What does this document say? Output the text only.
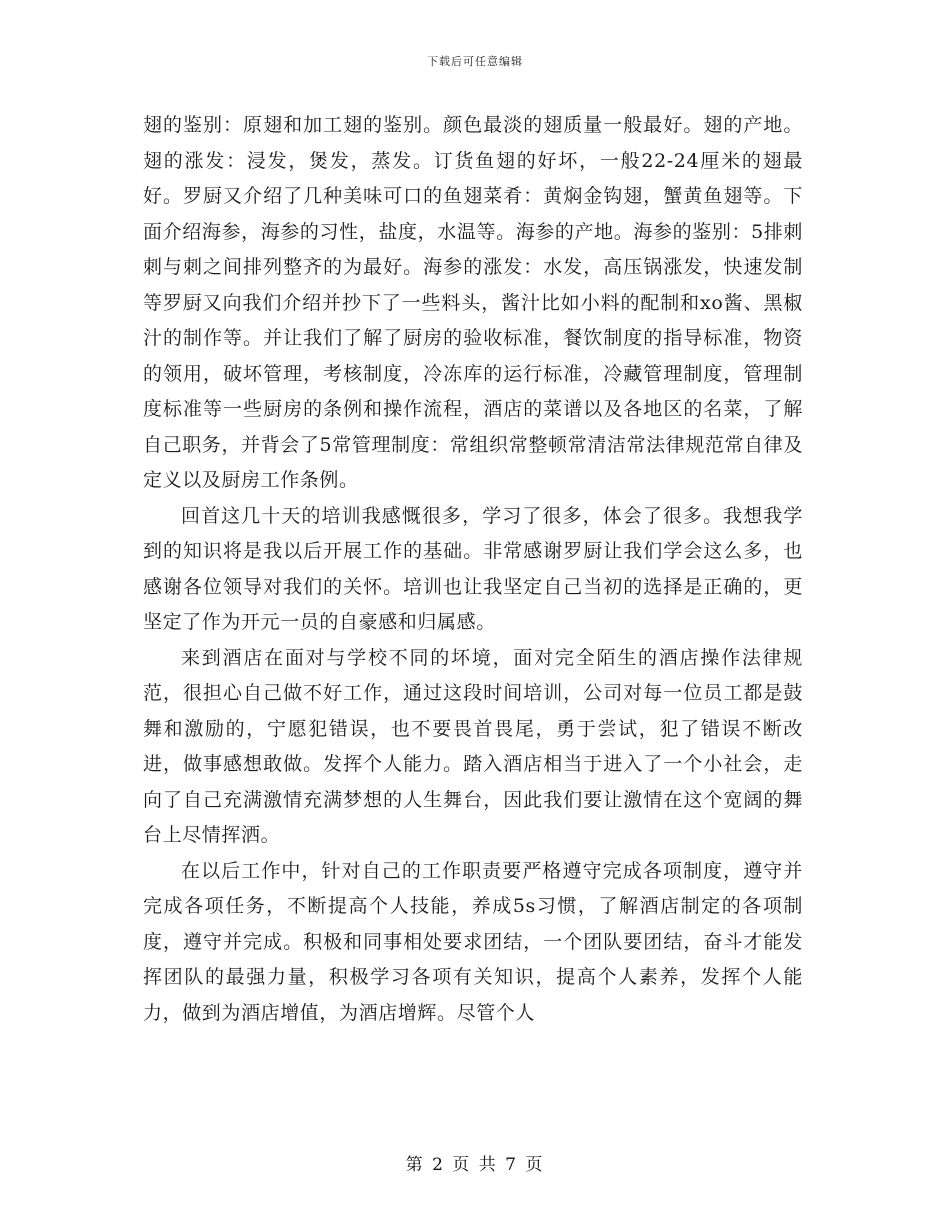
下载后可任意编辑

翅的鉴别：原翅和加工翅的鉴别。颜色最淡的翅质量一般最好。翅的产地。翅的涨发：浸发，煲发，蒸发。订货鱼翅的好坏，一般22-24厘米的翅最好。罗厨又介绍了几种美味可口的鱼翅菜肴：黄焖金钩翅，蟹黄鱼翅等。下面介绍海参，海参的习性，盐度，水温等。海参的产地。海参的鉴别：5排刺刺与刺之间排列整齐的为最好。海参的涨发：水发，高压锅涨发，快速发制等罗厨又向我们介绍并抄下了一些料头，酱汁比如小料的配制和xo酱、黑椒汁的制作等。并让我们了解了厨房的验收标准，餐饮制度的指导标准，物资的领用，破坏管理，考核制度，冷冻库的运行标准，冷藏管理制度，管理制度标准等一些厨房的条例和操作流程，酒店的菜谱以及各地区的名菜，了解自己职务，并背会了5常管理制度：常组织常整顿常清洁常法律规范常自律及定义以及厨房工作条例。

回首这几十天的培训我感慨很多，学习了很多，体会了很多。我想我学到的知识将是我以后开展工作的基础。非常感谢罗厨让我们学会这么多，也感谢各位领导对我们的关怀。培训也让我坚定自己当初的选择是正确的，更坚定了作为开元一员的自豪感和归属感。

来到酒店在面对与学校不同的坏境，面对完全陌生的酒店操作法律规范，很担心自己做不好工作，通过这段时间培训，公司对每一位员工都是鼓舞和激励的，宁愿犯错误，也不要畏首畏尾，勇于尝试，犯了错误不断改进，做事感想敢做。发挥个人能力。踏入酒店相当于进入了一个小社会，走向了自己充满激情充满梦想的人生舞台，因此我们要让激情在这个宽阔的舞台上尽情挥洒。

在以后工作中，针对自己的工作职责要严格遵守完成各项制度，遵守并完成各项任务，不断提高个人技能，养成5s习惯，了解酒店制定的各项制度，遵守并完成。积极和同事相处要求团结，一个团队要团结，奋斗才能发挥团队的最强力量，积极学习各项有关知识，提高个人素养，发挥个人能力，做到为酒店增值，为酒店增辉。尽管个人

第 2 页 共 7 页
